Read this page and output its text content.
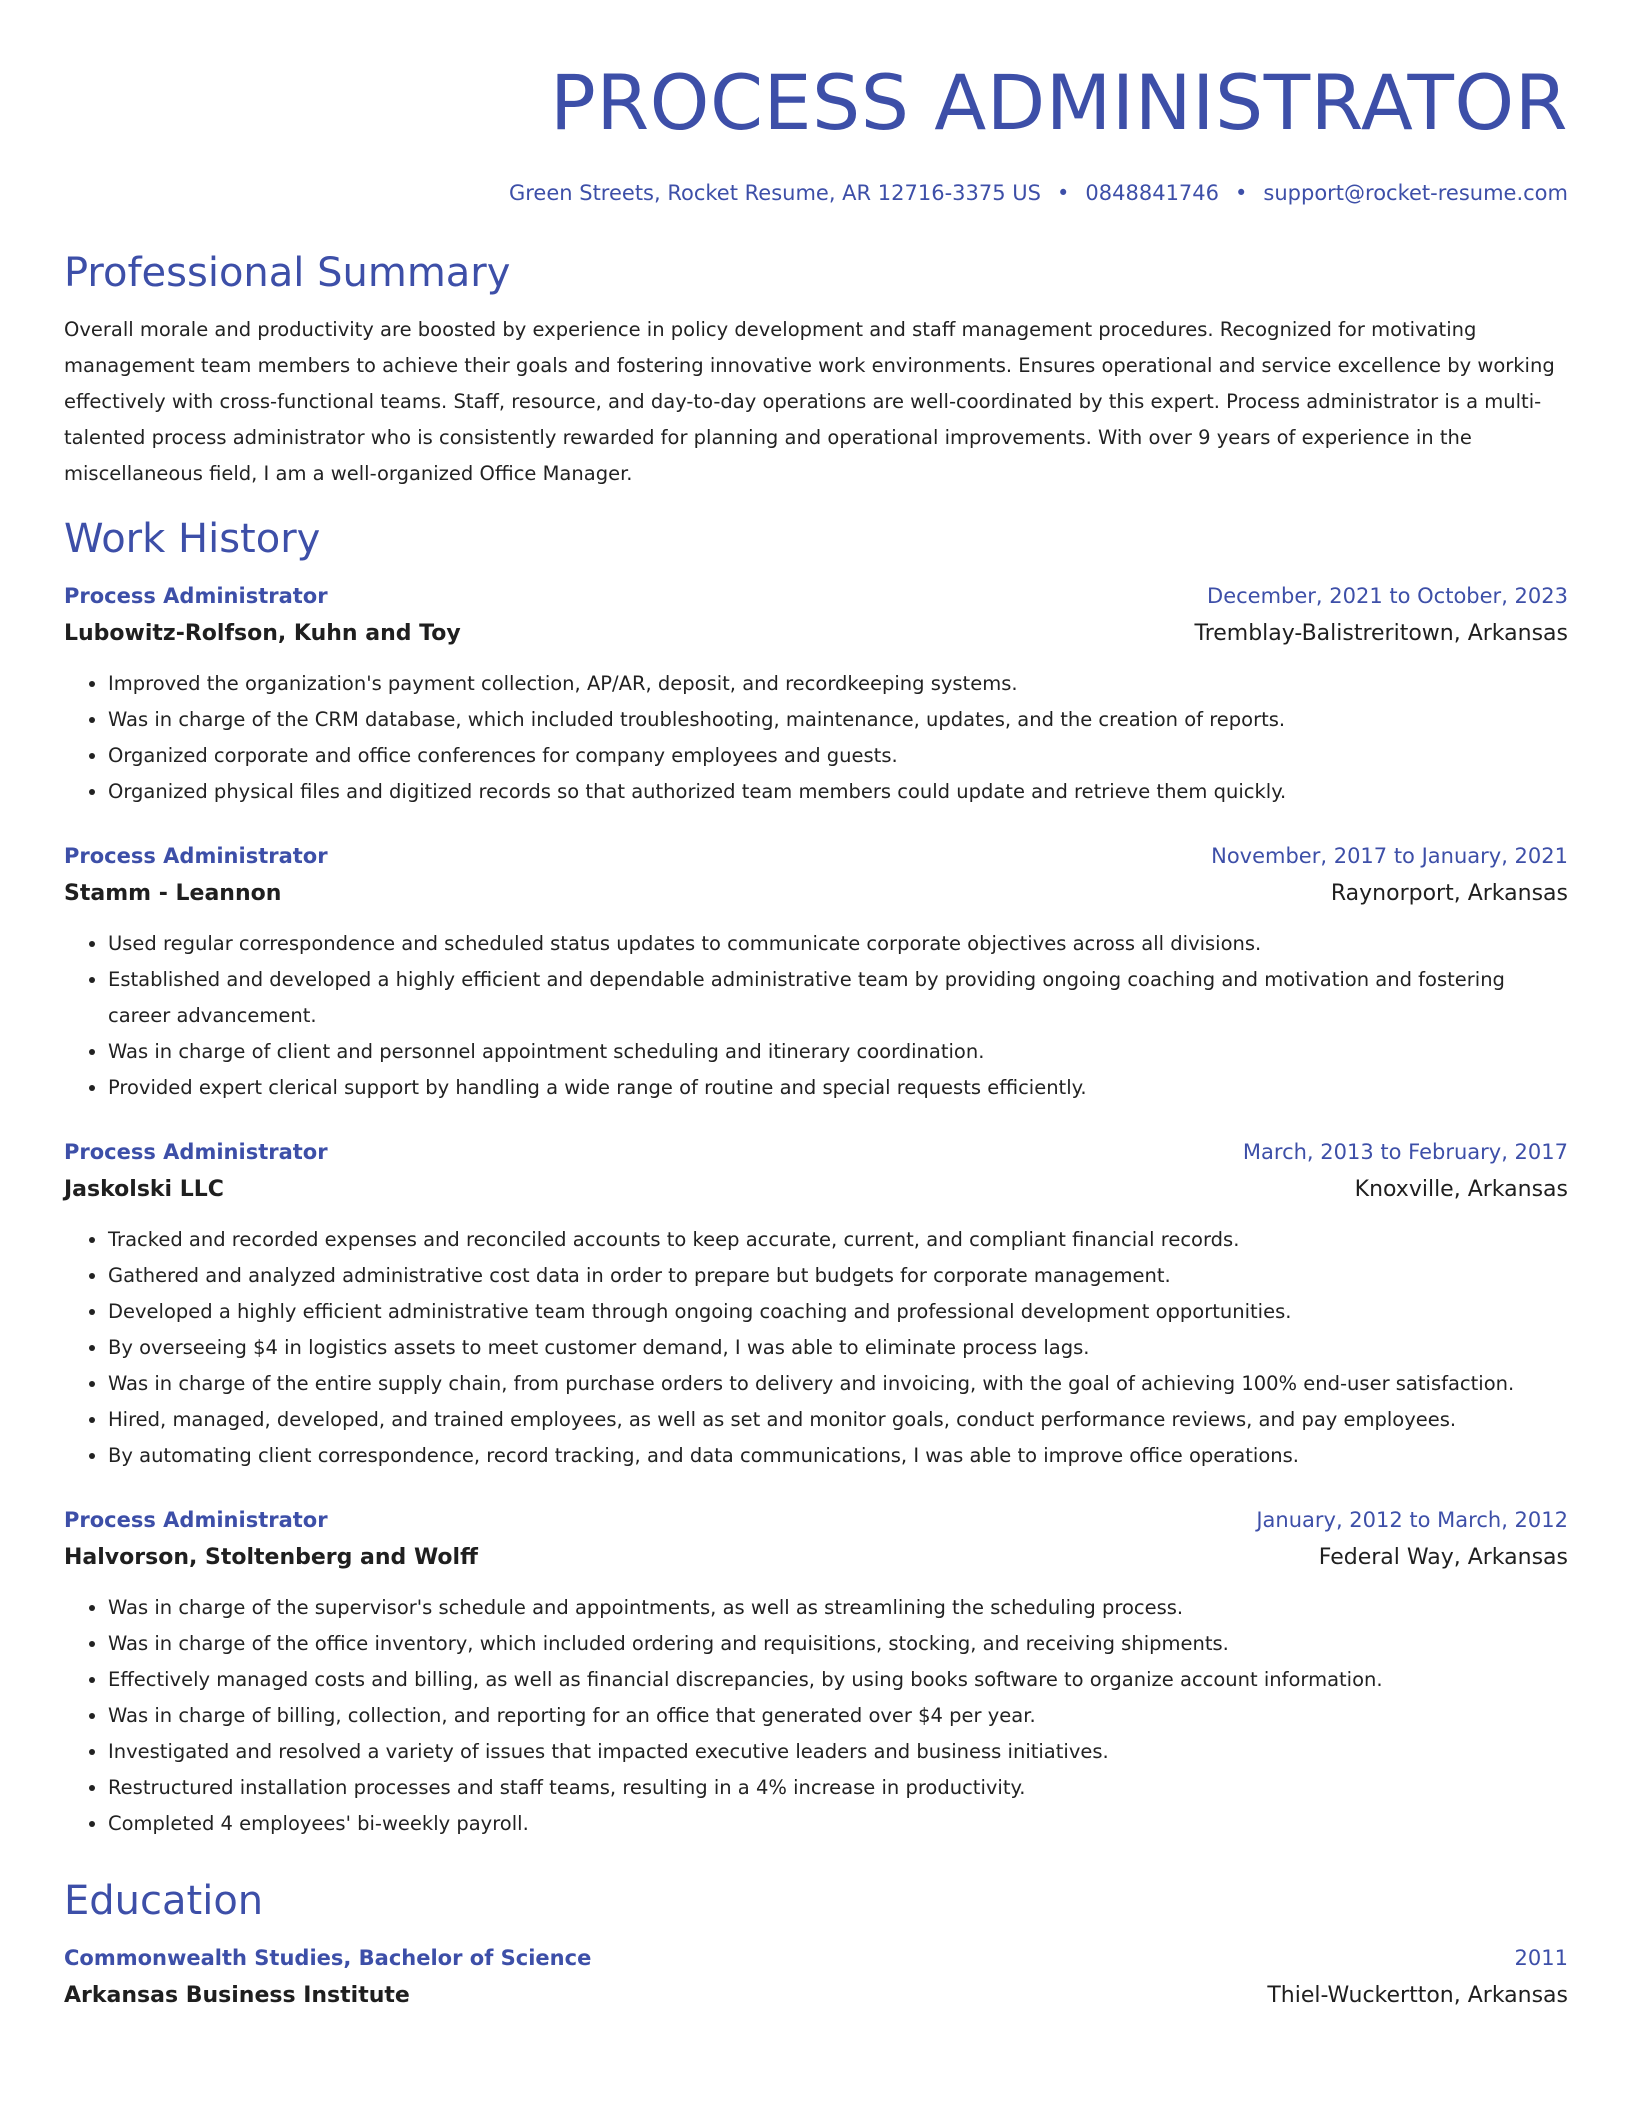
PROCESS ADMINISTRATOR
Green Streets, Rocket Resume, AR 12716-3375 US • 0848841746 • support@rocket-resume.com
Professional Summary

Overall morale and productivity are boosted by experience in policy development and staff management procedures. Recognized for motivating management team members to achieve their goals and fostering innovative work environments. Ensures operational and service excellence by working effectively with cross-functional teams. Staff, resource, and day-to-day operations are well-coordinated by this expert. Process administrator is a multi-talented process administrator who is consistently rewarded for planning and operational improvements. With over 9 years of experience in the miscellaneous field, I am a well-organized Office Manager.

Work History
Process Administrator	December, 2021 to October, 2023
Lubowitz-Rolfson, Kuhn and Toy	Tremblay-Balistreritown, Arkansas
• Improved the organization's payment collection, AP/AR, deposit, and recordkeeping systems.
• Was in charge of the CRM database, which included troubleshooting, maintenance, updates, and the creation of reports.
• Organized corporate and office conferences for company employees and guests.
• Organized physical files and digitized records so that authorized team members could update and retrieve them quickly.
Process Administrator	November, 2017 to January, 2021
Stamm - Leannon	Raynorport, Arkansas
• Used regular correspondence and scheduled status updates to communicate corporate objectives across all divisions.
• Established and developed a highly efficient and dependable administrative team by providing ongoing coaching and motivation and fostering career advancement.
• Was in charge of client and personnel appointment scheduling and itinerary coordination.
• Provided expert clerical support by handling a wide range of routine and special requests efficiently.
Process Administrator	March, 2013 to February, 2017
Jaskolski LLC	Knoxville, Arkansas
• Tracked and recorded expenses and reconciled accounts to keep accurate, current, and compliant financial records.
• Gathered and analyzed administrative cost data in order to prepare but budgets for corporate management.
• Developed a highly efficient administrative team through ongoing coaching and professional development opportunities.
• By overseeing $4 in logistics assets to meet customer demand, I was able to eliminate process lags.
• Was in charge of the entire supply chain, from purchase orders to delivery and invoicing, with the goal of achieving 100% end-user satisfaction.
• Hired, managed, developed, and trained employees, as well as set and monitor goals, conduct performance reviews, and pay employees.
• By automating client correspondence, record tracking, and data communications, I was able to improve office operations.
Process Administrator	January, 2012 to March, 2012
Halvorson, Stoltenberg and Wolff	Federal Way, Arkansas
• Was in charge of the supervisor's schedule and appointments, as well as streamlining the scheduling process.
• Was in charge of the office inventory, which included ordering and requisitions, stocking, and receiving shipments.
• Effectively managed costs and billing, as well as financial discrepancies, by using books software to organize account information.
• Was in charge of billing, collection, and reporting for an office that generated over $4 per year.
• Investigated and resolved a variety of issues that impacted executive leaders and business initiatives.
• Restructured installation processes and staff teams, resulting in a 4% increase in productivity.
• Completed 4 employees' bi-weekly payroll.
Education
Commonwealth Studies, Bachelor of Science	2011
Arkansas Business Institute	Thiel-Wuckertton, Arkansas
